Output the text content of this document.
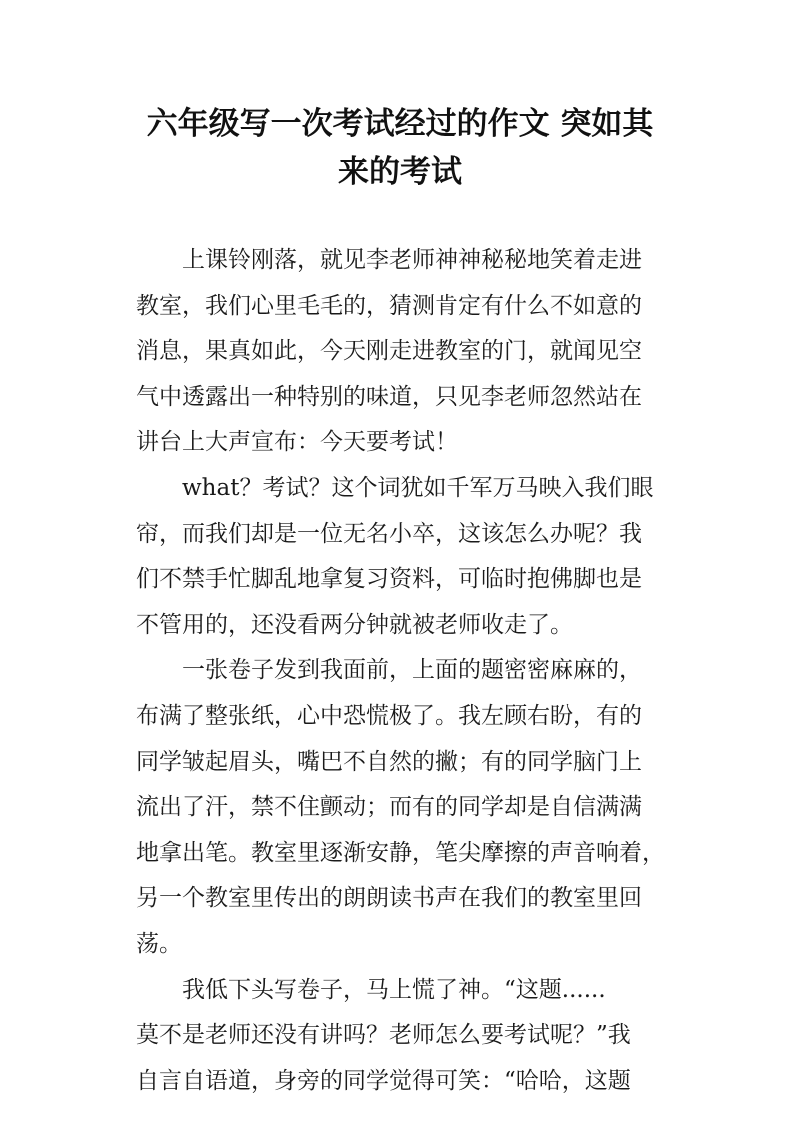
六年级写一次考试经过的作文 突如其
来的考试
上课铃刚落，就见李老师神神秘秘地笑着走进
教室，我们心里毛毛的，猜测肯定有什么不如意的
消息，果真如此，今天刚走进教室的门，就闻见空
气中透露出一种特别的味道，只见李老师忽然站在
讲台上大声宣布：今天要考试！
what？考试？这个词犹如千军万马映入我们眼
帘，而我们却是一位无名小卒，这该怎么办呢？我
们不禁手忙脚乱地拿复习资料，可临时抱佛脚也是
不管用的，还没看两分钟就被老师收走了。
一张卷子发到我面前，上面的题密密麻麻的，
布满了整张纸，心中恐慌极了。我左顾右盼，有的
同学皱起眉头，嘴巴不自然的撇；有的同学脑门上
流出了汗，禁不住颤动；而有的同学却是自信满满
地拿出笔。教室里逐渐安静，笔尖摩擦的声音响着，
另一个教室里传出的朗朗读书声在我们的教室里回
荡。
我低下头写卷子，马上慌了神。“这题......
莫不是老师还没有讲吗？老师怎么要考试呢？”我
自言自语道，身旁的同学觉得可笑：“哈哈，这题
